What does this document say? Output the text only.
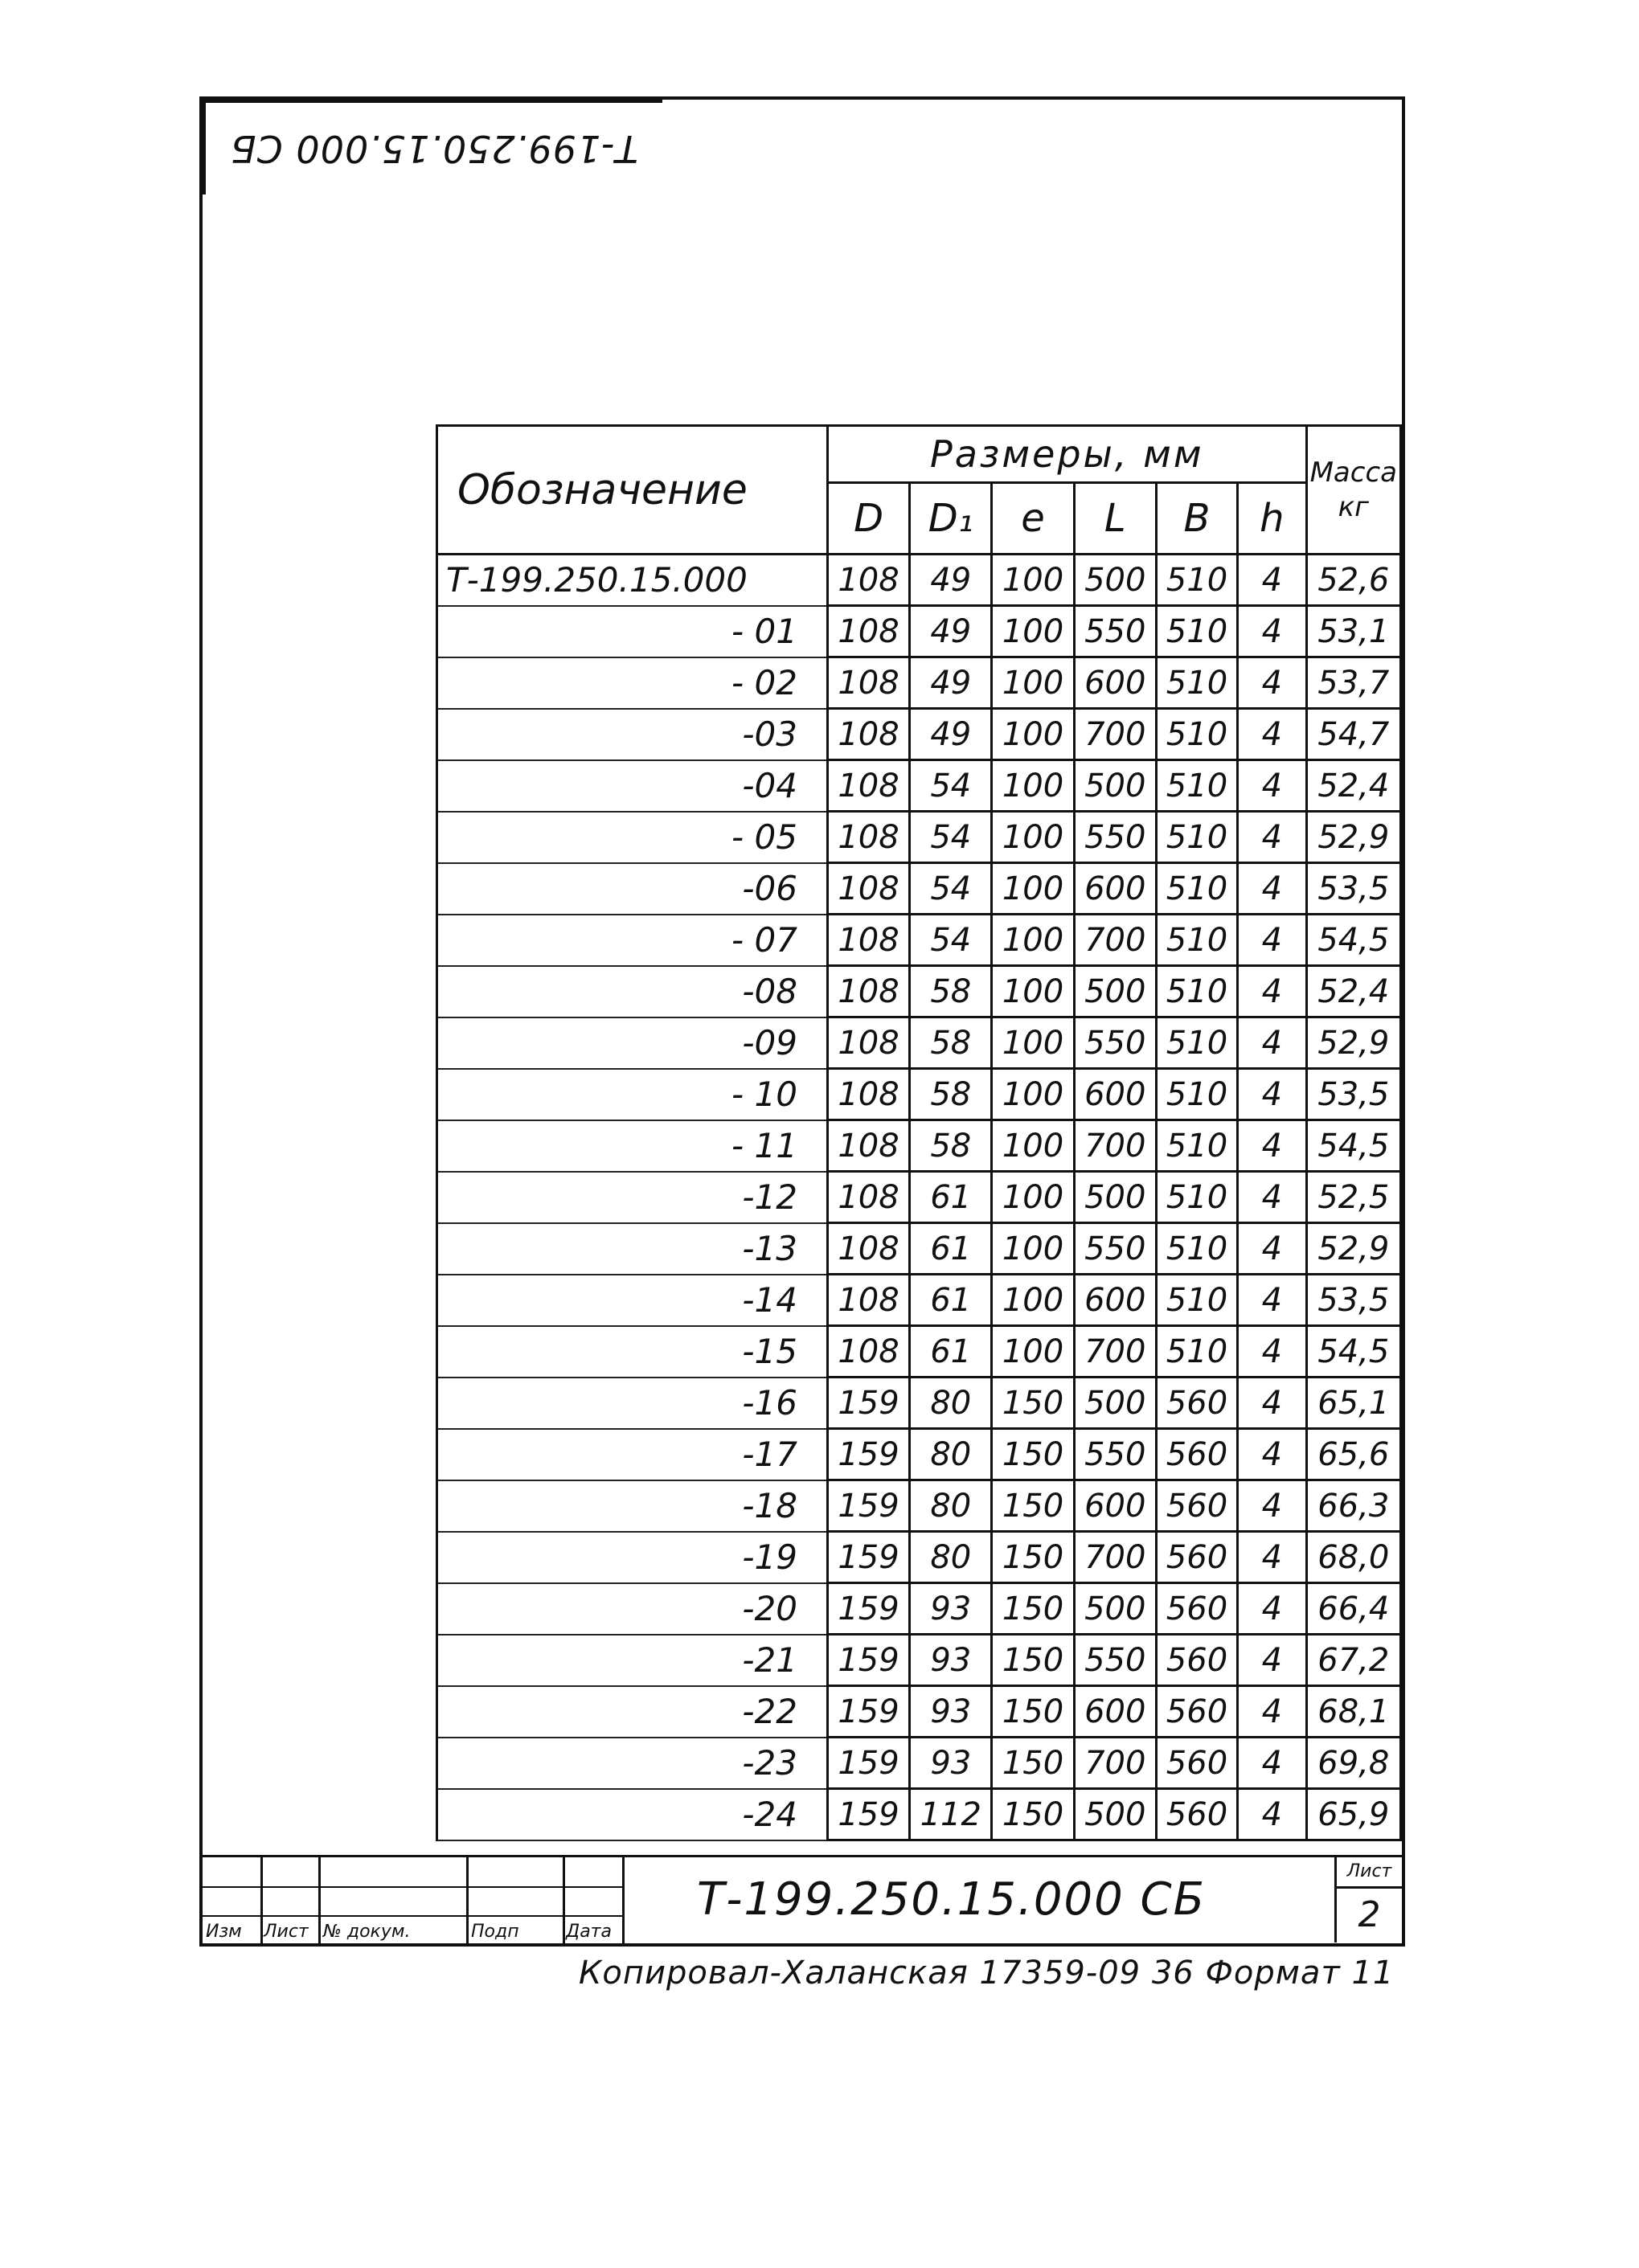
Т-199.250.15.000 СБ
Обозначение	Размеры, мм						Масса
кг
	D	D₁	e	L	B	h	
Т-199.250.15.000	108	49	100	500	510	4	52,6
- 01	108	49	100	550	510	4	53,1
- 02	108	49	100	600	510	4	53,7
-03	108	49	100	700	510	4	54,7
-04	108	54	100	500	510	4	52,4
- 05	108	54	100	550	510	4	52,9
-06	108	54	100	600	510	4	53,5
- 07	108	54	100	700	510	4	54,5
-08	108	58	100	500	510	4	52,4
-09	108	58	100	550	510	4	52,9
- 10	108	58	100	600	510	4	53,5
- 11	108	58	100	700	510	4	54,5
-12	108	61	100	500	510	4	52,5
-13	108	61	100	550	510	4	52,9
-14	108	61	100	600	510	4	53,5
-15	108	61	100	700	510	4	54,5
-16	159	80	150	500	560	4	65,1
-17	159	80	150	550	560	4	65,6
-18	159	80	150	600	560	4	66,3
-19	159	80	150	700	560	4	68,0
-20	159	93	150	500	560	4	66,4
-21	159	93	150	550	560	4	67,2
-22	159	93	150	600	560	4	68,1
-23	159	93	150	700	560	4	69,8
-24	159	112	150	500	560	4	65,9
Изм Лист № докум.	Подп	Дата
Т-199.250.15.000 СБ
Лист
2
Копировал-Халанская 17359-09 36 Формат 11
